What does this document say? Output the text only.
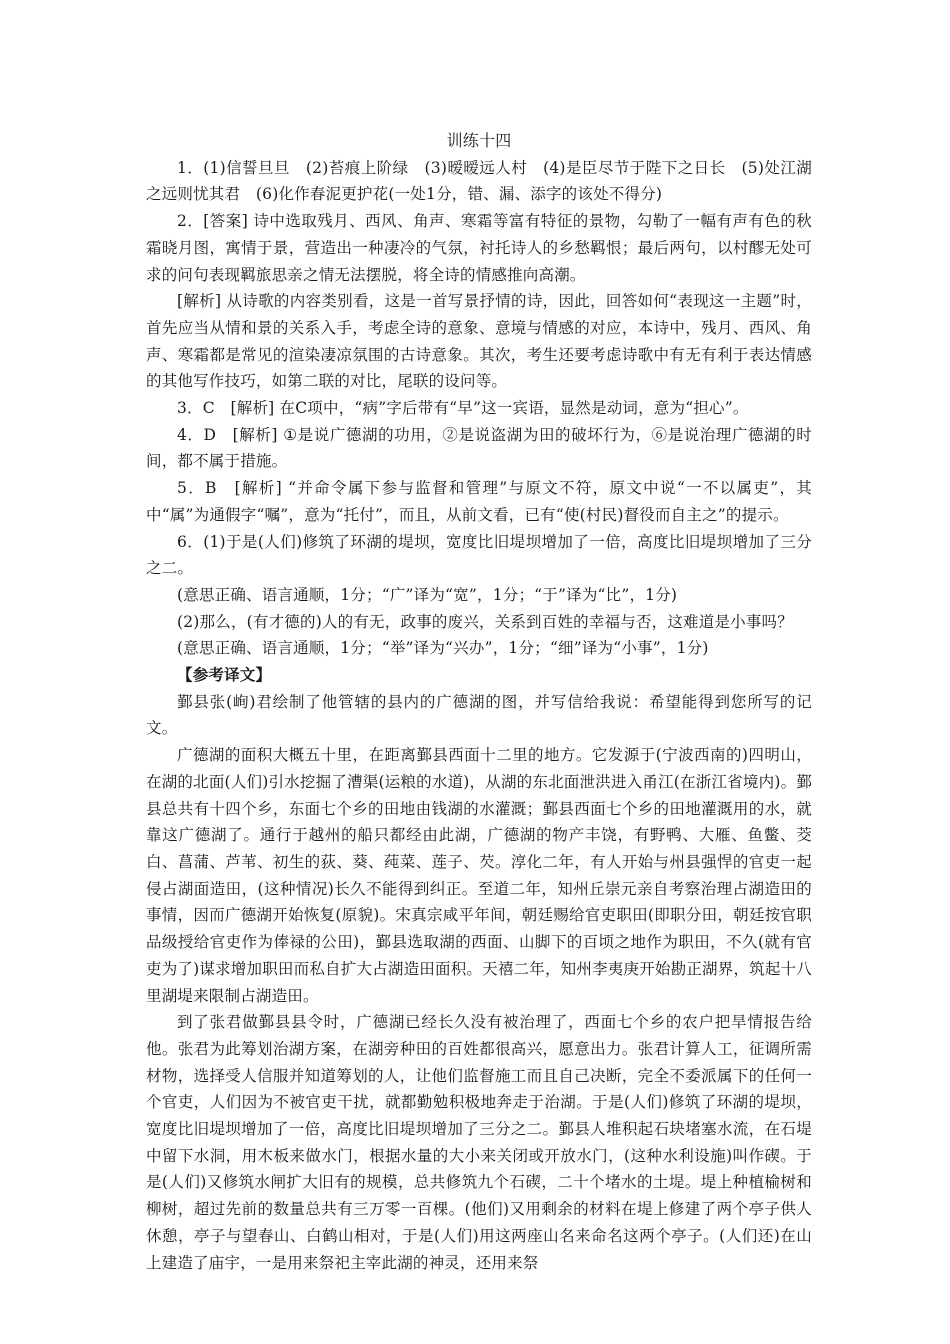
训练十四

1．(1)信誓旦旦　(2)苔痕上阶绿　(3)暧暧远人村　(4)是臣尽节于陛下之日长　(5)处江湖之远则忧其君　(6)化作春泥更护花(一处1分，错、漏、添字的该处不得分)

2．[答案] 诗中选取残月、西风、角声、寒霜等富有特征的景物，勾勒了一幅有声有色的秋霜晓月图，寓情于景，营造出一种凄冷的气氛，衬托诗人的乡愁羁恨；最后两句，以村醪无处可求的问句表现羁旅思亲之情无法摆脱，将全诗的情感推向高潮。

[解析] 从诗歌的内容类别看，这是一首写景抒情的诗，因此，回答如何“表现这一主题”时，首先应当从情和景的关系入手，考虑全诗的意象、意境与情感的对应，本诗中，残月、西风、角声、寒霜都是常见的渲染凄凉氛围的古诗意象。其次，考生还要考虑诗歌中有无有利于表达情感的其他写作技巧，如第二联的对比，尾联的设问等。

3．C　[解析] 在C项中，“病”字后带有“早”这一宾语，显然是动词，意为“担心”。

4．D　[解析] ①是说广德湖的功用，②是说盗湖为田的破坏行为，⑥是说治理广德湖的时间，都不属于措施。

5．B　[解析] “并命令属下参与监督和管理”与原文不符，原文中说“一不以属吏”，其中“属”为通假字“嘱”，意为“托付”，而且，从前文看，已有“使(村民)督役而自主之”的提示。

6．(1)于是(人们)修筑了环湖的堤坝，宽度比旧堤坝增加了一倍，高度比旧堤坝增加了三分之二。

(意思正确、语言通顺，1分；“广”译为“宽”，1分；“于”译为“比”，1分)

(2)那么，(有才德的)人的有无，政事的废兴，关系到百姓的幸福与否，这难道是小事吗？

(意思正确、语言通顺，1分；“举”译为“兴办”，1分；“细”译为“小事”，1分)

【参考译文】

鄞县张(峋)君绘制了他管辖的县内的广德湖的图，并写信给我说：希望能得到您所写的记文。

广德湖的面积大概五十里，在距离鄞县西面十二里的地方。它发源于(宁波西南的)四明山，在湖的北面(人们)引水挖掘了漕渠(运粮的水道)，从湖的东北面泄洪进入甬江(在浙江省境内)。鄞县总共有十四个乡，东面七个乡的田地由钱湖的水灌溉；鄞县西面七个乡的田地灌溉用的水，就靠这广德湖了。通行于越州的船只都经由此湖，广德湖的物产丰饶，有野鸭、大雁、鱼鳖、茭白、菖蒲、芦苇、初生的荻、葵、莼菜、莲子、芡。淳化二年，有人开始与州县强悍的官吏一起侵占湖面造田，(这种情况)长久不能得到纠正。至道二年，知州丘崇元亲自考察治理占湖造田的事情，因而广德湖开始恢复(原貌)。宋真宗咸平年间，朝廷赐给官吏职田(即职分田，朝廷按官职品级授给官吏作为俸禄的公田)，鄞县选取湖的西面、山脚下的百顷之地作为职田，不久(就有官吏为了)谋求增加职田而私自扩大占湖造田面积。天禧二年，知州李夷庚开始勘正湖界，筑起十八里湖堤来限制占湖造田。

到了张君做鄞县县令时，广德湖已经长久没有被治理了，西面七个乡的农户把旱情报告给他。张君为此筹划治湖方案，在湖旁种田的百姓都很高兴，愿意出力。张君计算人工，征调所需材物，选择受人信服并知道筹划的人，让他们监督施工而且自己决断，完全不委派属下的任何一个官吏，人们因为不被官吏干扰，就都勤勉积极地奔走于治湖。于是(人们)修筑了环湖的堤坝，宽度比旧堤坝增加了一倍，高度比旧堤坝增加了三分之二。鄞县人堆积起石块堵塞水流，在石堤中留下水洞，用木板来做水门，根据水量的大小来关闭或开放水门，(这种水利设施)叫作碶。于是(人们)又修筑水闸扩大旧有的规模，总共修筑九个石碶，二十个堵水的土堤。堤上种植榆树和柳树，超过先前的数量总共有三万零一百棵。(他们)又用剩余的材料在堤上修建了两个亭子供人休憩，亭子与望春山、白鹤山相对，于是(人们)用这两座山名来命名这两个亭子。(人们还)在山上建造了庙宇，一是用来祭祀主宰此湖的神灵，还用来祭
